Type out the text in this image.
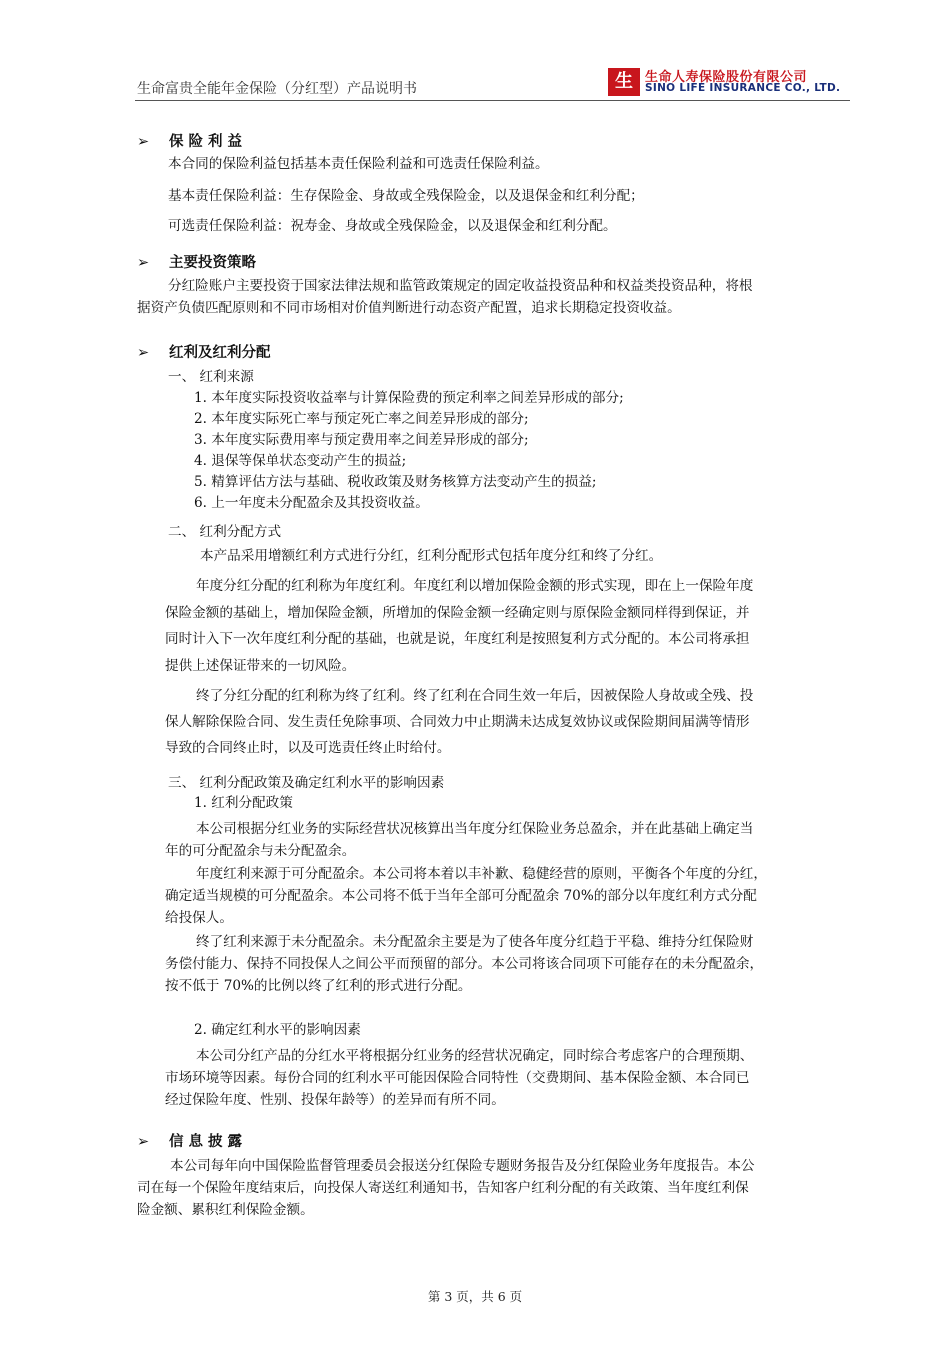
生命富贵全能年金保险（分红型）产品说明书	生 生命人寿保险股份有限公司
SINO LIFE INSURANCE CO., LTD.
➢ 保险利益
本合同的保险利益包括基本责任保险利益和可选责任保险利益。
基本责任保险利益：生存保险金、身故或全残保险金，以及退保金和红利分配；
可选责任保险利益：祝寿金、身故或全残保险金，以及退保金和红利分配。
➢ 主要投资策略
分红险账户主要投资于国家法律法规和监管政策规定的固定收益投资品种和权益类投资品种，将根
据资产负债匹配原则和不同市场相对价值判断进行动态资产配置，追求长期稳定投资收益。
➢ 红利及红利分配
一、 红利来源
1. 本年度实际投资收益率与计算保险费的预定利率之间差异形成的部分;
2. 本年度实际死亡率与预定死亡率之间差异形成的部分;
3. 本年度实际费用率与预定费用率之间差异形成的部分;
4. 退保等保单状态变动产生的损益;
5. 精算评估方法与基础、税收政策及财务核算方法变动产生的损益;
6. 上一年度未分配盈余及其投资收益。
二、 红利分配方式
本产品采用增额红利方式进行分红，红利分配形式包括年度分红和终了分红。
年度分红分配的红利称为年度红利。年度红利以增加保险金额的形式实现，即在上一保险年度
保险金额的基础上，增加保险金额，所增加的保险金额一经确定则与原保险金额同样得到保证，并
同时计入下一次年度红利分配的基础，也就是说，年度红利是按照复利方式分配的。本公司将承担
提供上述保证带来的一切风险。
终了分红分配的红利称为终了红利。终了红利在合同生效一年后，因被保险人身故或全残、投
保人解除保险合同、发生责任免除事项、合同效力中止期满未达成复效协议或保险期间届满等情形
导致的合同终止时，以及可选责任终止时给付。
三、 红利分配政策及确定红利水平的影响因素
1. 红利分配政策
本公司根据分红业务的实际经营状况核算出当年度分红保险业务总盈余，并在此基础上确定当
年的可分配盈余与未分配盈余。
年度红利来源于可分配盈余。本公司将本着以丰补歉、稳健经营的原则，平衡各个年度的分红，
确定适当规模的可分配盈余。本公司将不低于当年全部可分配盈余 70%的部分以年度红利方式分配
给投保人。
终了红利来源于未分配盈余。未分配盈余主要是为了使各年度分红趋于平稳、维持分红保险财
务偿付能力、保持不同投保人之间公平而预留的部分。本公司将该合同项下可能存在的未分配盈余，
按不低于 70%的比例以终了红利的形式进行分配。
2. 确定红利水平的影响因素
本公司分红产品的分红水平将根据分红业务的经营状况确定，同时综合考虑客户的合理预期、
市场环境等因素。每份合同的红利水平可能因保险合同特性（交费期间、基本保险金额、本合同已
经过保险年度、性别、投保年龄等）的差异而有所不同。
➢ 信息披露
本公司每年向中国保险监督管理委员会报送分红保险专题财务报告及分红保险业务年度报告。本公
司在每一个保险年度结束后，向投保人寄送红利通知书，告知客户红利分配的有关政策、当年度红利保
险金额、累积红利保险金额。
第 3 页，共 6 页
